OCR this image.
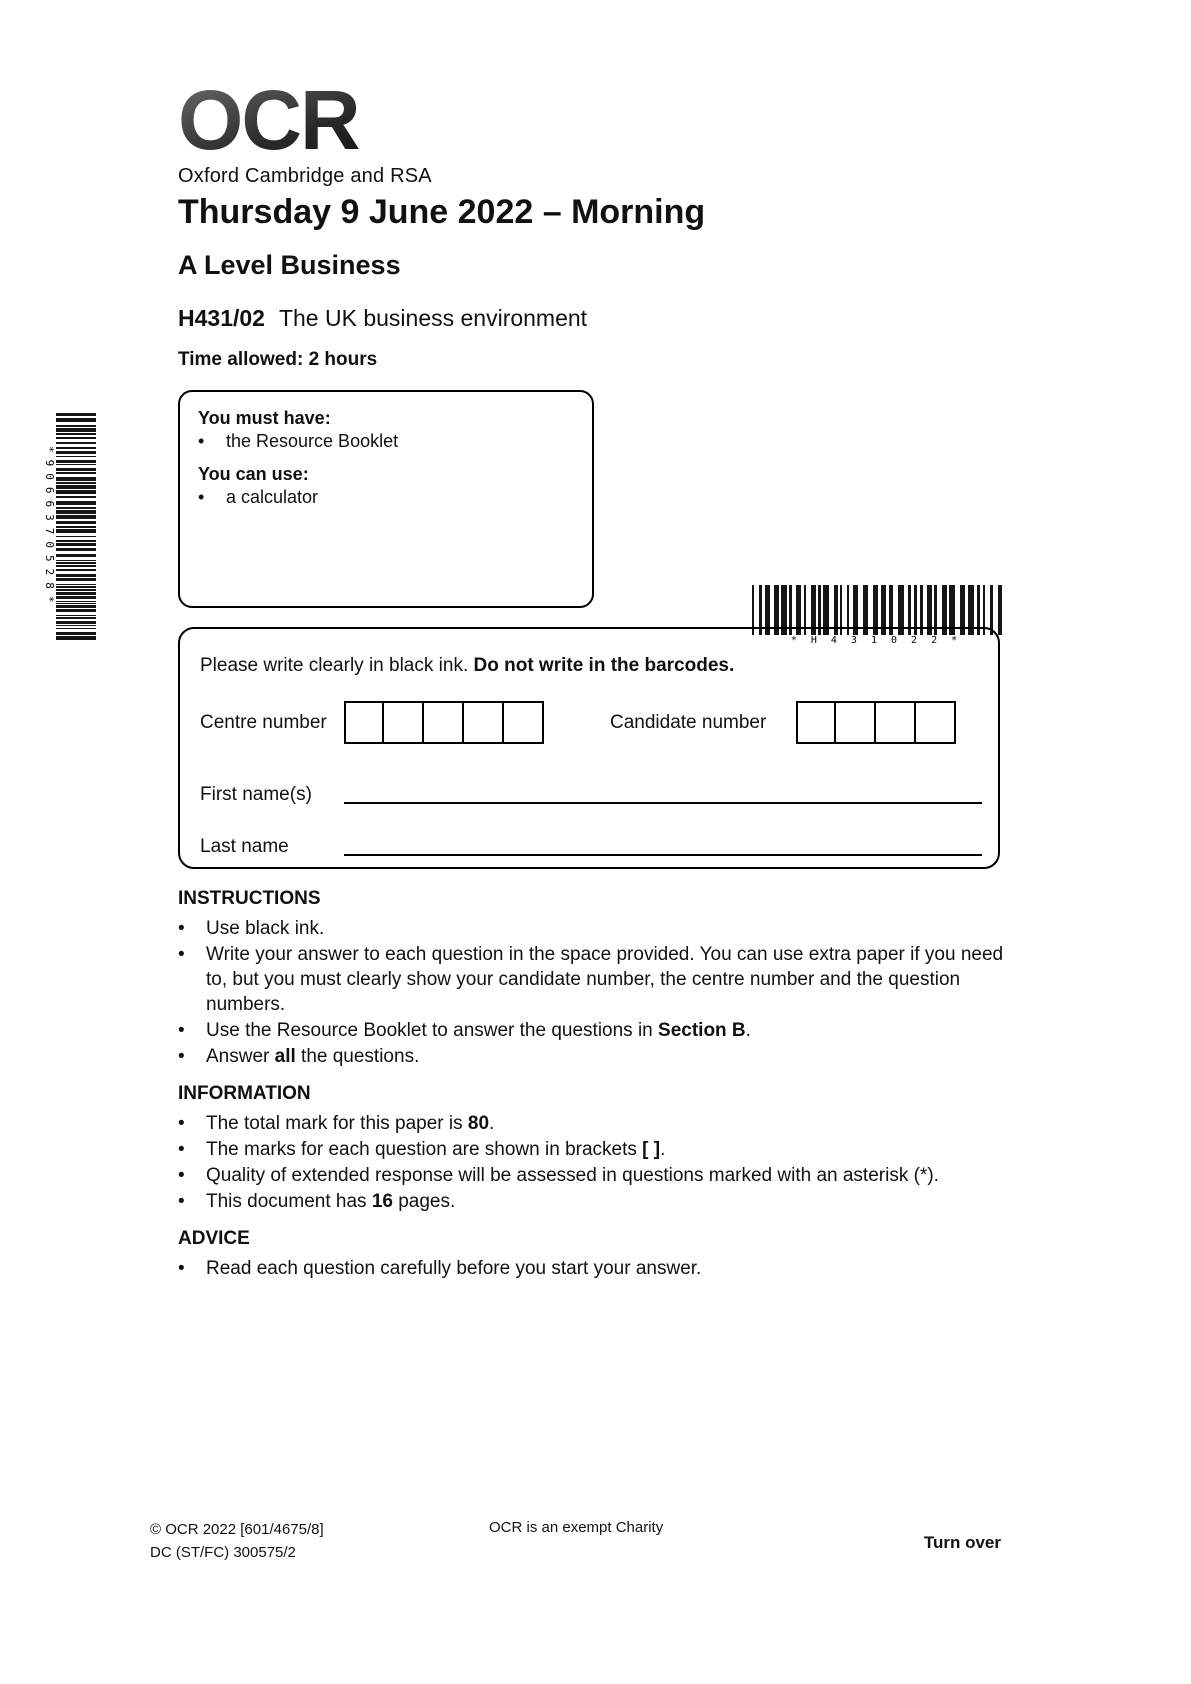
OCR
Oxford Cambridge and RSA
Thursday 9 June 2022 – Morning
A Level Business
H431/02 The UK business environment
Time allowed: 2 hours
*9066370528*
You must have:
•	the Resource Booklet
You can use:
•	a calculator
* H 4 3 1 0 2 2 *
Please write clearly in black ink. Do not write in the barcodes.
Centre number	Candidate number
First name(s)
Last name
INSTRUCTIONS
•	Use black ink.
•	Write your answer to each question in the space provided. You can use extra paper if you need to, but you must clearly show your candidate number, the centre number and the question numbers.
•	Use the Resource Booklet to answer the questions in Section B.
•	Answer all the questions.
INFORMATION
•	The total mark for this paper is 80.
•	The marks for each question are shown in brackets [ ].
•	Quality of extended response will be assessed in questions marked with an asterisk (*).
•	This document has 16 pages.
ADVICE
•	Read each question carefully before you start your answer.
© OCR 2022 [601/4675/8]
DC (ST/FC) 300575/2
OCR is an exempt Charity
Turn over
